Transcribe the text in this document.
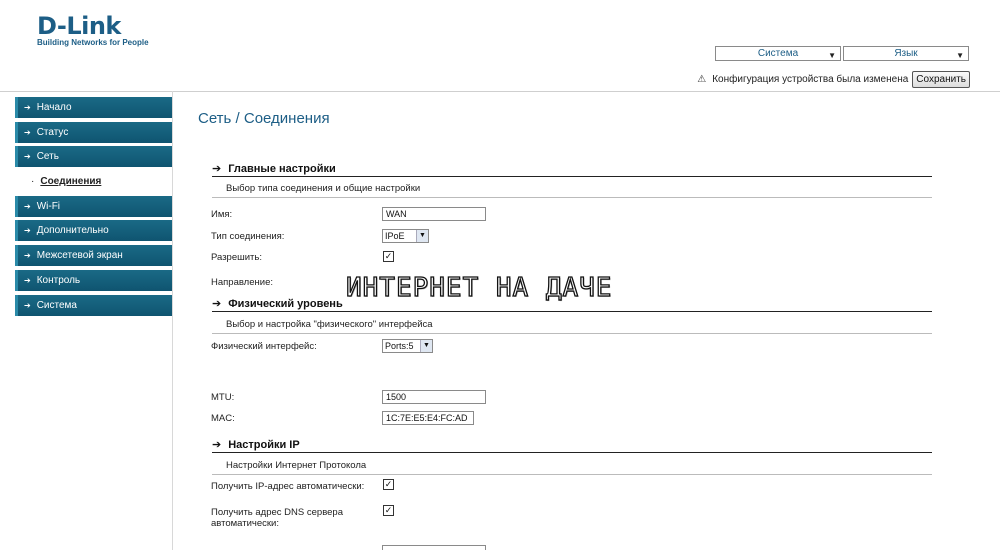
D-Link
Building Networks for People
Система	▼	Язык	▼
⚠ Конфигурация устройства была изменена Сохранить
➔ Начало
➔ Статус
➔ Сеть
· Соединения
➔ Wi-Fi
➔ Дополнительно
➔ Межсетевой экран
➔ Контроль
➔ Система
Сеть / Соединения
➔ Главные настройки
Выбор типа соединения и общие настройки
Имя:	WAN
Тип соединения:	IPoE	▼
Разрешить:	✓
Направление:	ИНТЕРНЕТ НА ДАЧЕ
➔ Физический уровень
Выбор и настройка "физического" интерфейса
Физический интерфейс:	Ports:5	▼
MTU:	1500
MAC:	1C:7E:E5:E4:FC:AD
➔ Настройки IP
Настройки Интернет Протокола
Получить IP-адрес автоматически: ✓
Получить адрес DNS сервера автоматически:
✓
